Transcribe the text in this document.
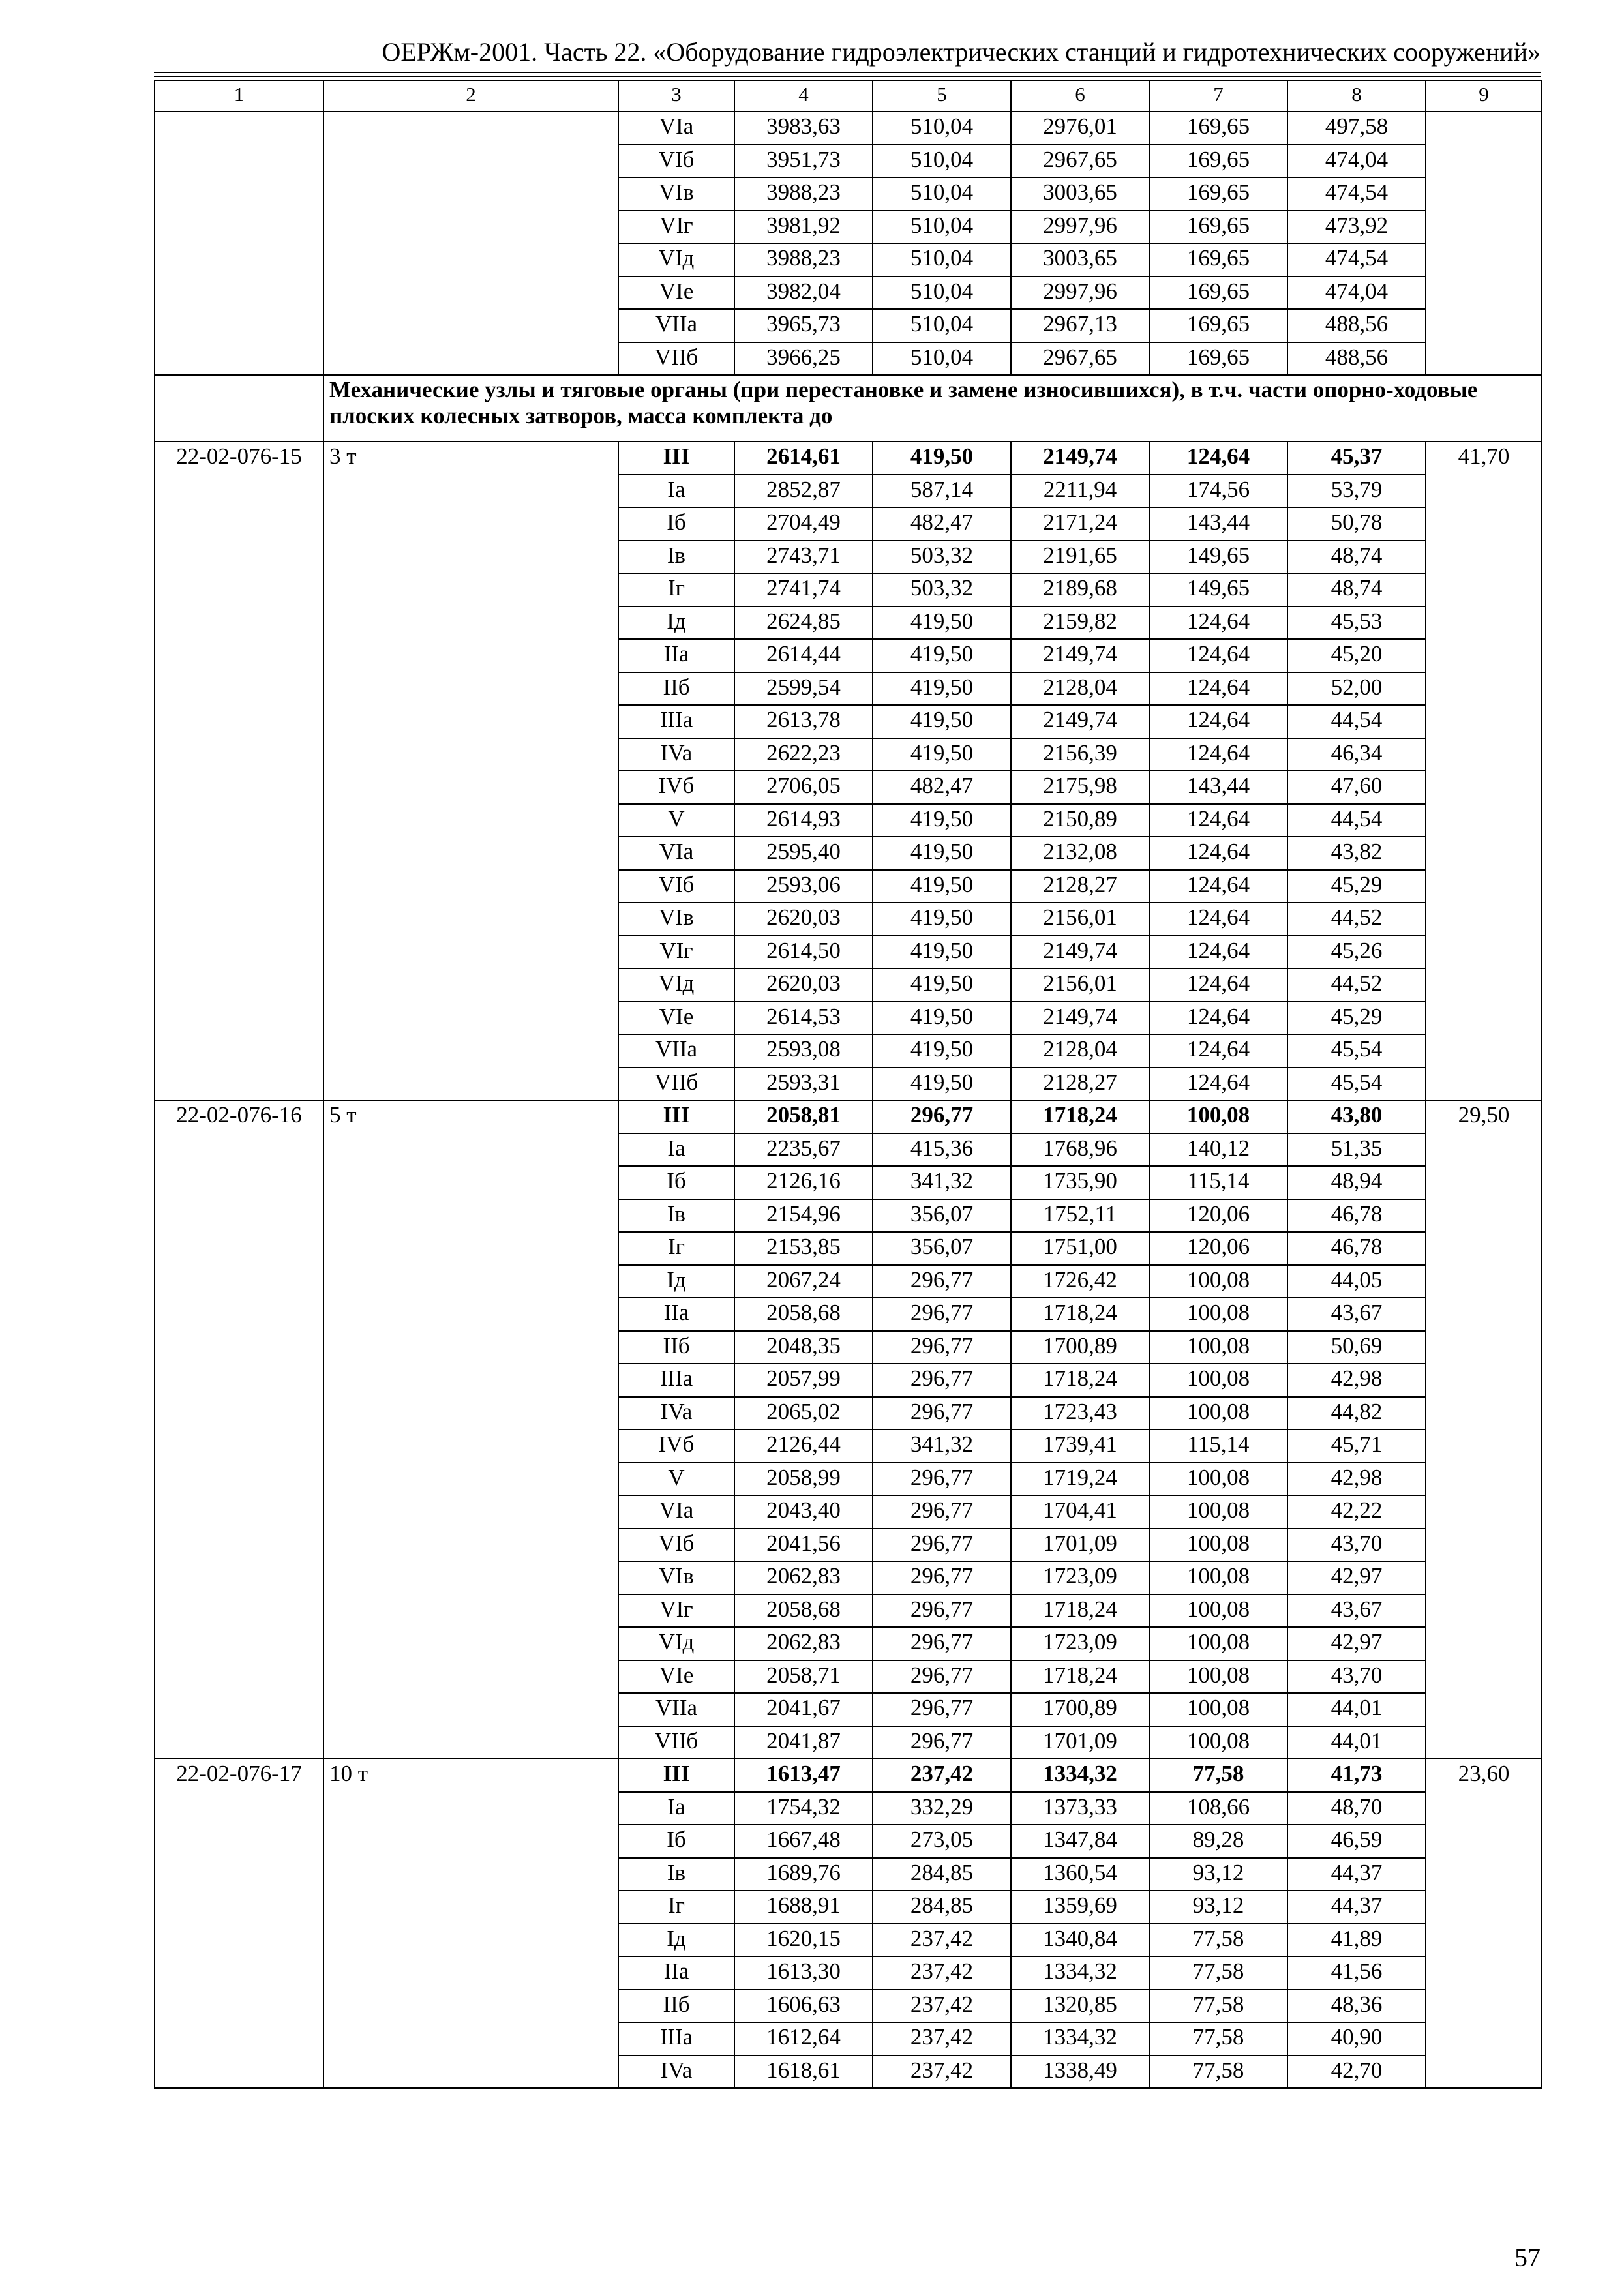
ОЕРЖм-2001. Часть 22. «Оборудование гидроэлектрических станций и гидротехнических сооружений»
1	2	3	4	5	6	7	8	9
		VIa	3983,63	510,04	2976,01	169,65	497,58	
		VIб	3951,73	510,04	2967,65	169,65	474,04	
		VIв	3988,23	510,04	3003,65	169,65	474,54	
		VIг	3981,92	510,04	2997,96	169,65	473,92	
		VIд	3988,23	510,04	3003,65	169,65	474,54	
		VIe	3982,04	510,04	2997,96	169,65	474,04	
		VIIa	3965,73	510,04	2967,13	169,65	488,56	
		VIIб	3966,25	510,04	2967,65	169,65	488,56	
	Механические узлы и тяговые органы (при перестановке и замене износившихся), в т.ч. части опорно-ходовые плоских колесных затворов, масса комплекта до							
22-02-076-15	3 т	III	2614,61	419,50	2149,74	124,64	45,37	41,70
		Ia	2852,87	587,14	2211,94	174,56	53,79	
		Iб	2704,49	482,47	2171,24	143,44	50,78	
		Iв	2743,71	503,32	2191,65	149,65	48,74	
		Iг	2741,74	503,32	2189,68	149,65	48,74	
		Iд	2624,85	419,50	2159,82	124,64	45,53	
		IIa	2614,44	419,50	2149,74	124,64	45,20	
		IIб	2599,54	419,50	2128,04	124,64	52,00	
		IIIa	2613,78	419,50	2149,74	124,64	44,54	
		IVa	2622,23	419,50	2156,39	124,64	46,34	
		IVб	2706,05	482,47	2175,98	143,44	47,60	
		V	2614,93	419,50	2150,89	124,64	44,54	
		VIa	2595,40	419,50	2132,08	124,64	43,82	
		VIб	2593,06	419,50	2128,27	124,64	45,29	
		VIв	2620,03	419,50	2156,01	124,64	44,52	
		VIг	2614,50	419,50	2149,74	124,64	45,26	
		VIд	2620,03	419,50	2156,01	124,64	44,52	
		VIe	2614,53	419,50	2149,74	124,64	45,29	
		VIIa	2593,08	419,50	2128,04	124,64	45,54	
		VIIб	2593,31	419,50	2128,27	124,64	45,54	
22-02-076-16	5 т	III	2058,81	296,77	1718,24	100,08	43,80	29,50
		Ia	2235,67	415,36	1768,96	140,12	51,35	
		Iб	2126,16	341,32	1735,90	115,14	48,94	
		Iв	2154,96	356,07	1752,11	120,06	46,78	
		Iг	2153,85	356,07	1751,00	120,06	46,78	
		Iд	2067,24	296,77	1726,42	100,08	44,05	
		IIa	2058,68	296,77	1718,24	100,08	43,67	
		IIб	2048,35	296,77	1700,89	100,08	50,69	
		IIIa	2057,99	296,77	1718,24	100,08	42,98	
		IVa	2065,02	296,77	1723,43	100,08	44,82	
		IVб	2126,44	341,32	1739,41	115,14	45,71	
		V	2058,99	296,77	1719,24	100,08	42,98	
		VIa	2043,40	296,77	1704,41	100,08	42,22	
		VIб	2041,56	296,77	1701,09	100,08	43,70	
		VIв	2062,83	296,77	1723,09	100,08	42,97	
		VIг	2058,68	296,77	1718,24	100,08	43,67	
		VIд	2062,83	296,77	1723,09	100,08	42,97	
		VIe	2058,71	296,77	1718,24	100,08	43,70	
		VIIa	2041,67	296,77	1700,89	100,08	44,01	
		VIIб	2041,87	296,77	1701,09	100,08	44,01	
22-02-076-17	10 т	III	1613,47	237,42	1334,32	77,58	41,73	23,60
		Ia	1754,32	332,29	1373,33	108,66	48,70	
		Iб	1667,48	273,05	1347,84	89,28	46,59	
		Iв	1689,76	284,85	1360,54	93,12	44,37	
		Iг	1688,91	284,85	1359,69	93,12	44,37	
		Iд	1620,15	237,42	1340,84	77,58	41,89	
		IIa	1613,30	237,42	1334,32	77,58	41,56	
		IIб	1606,63	237,42	1320,85	77,58	48,36	
		IIIa	1612,64	237,42	1334,32	77,58	40,90	
		IVa	1618,61	237,42	1338,49	77,58	42,70	
57
